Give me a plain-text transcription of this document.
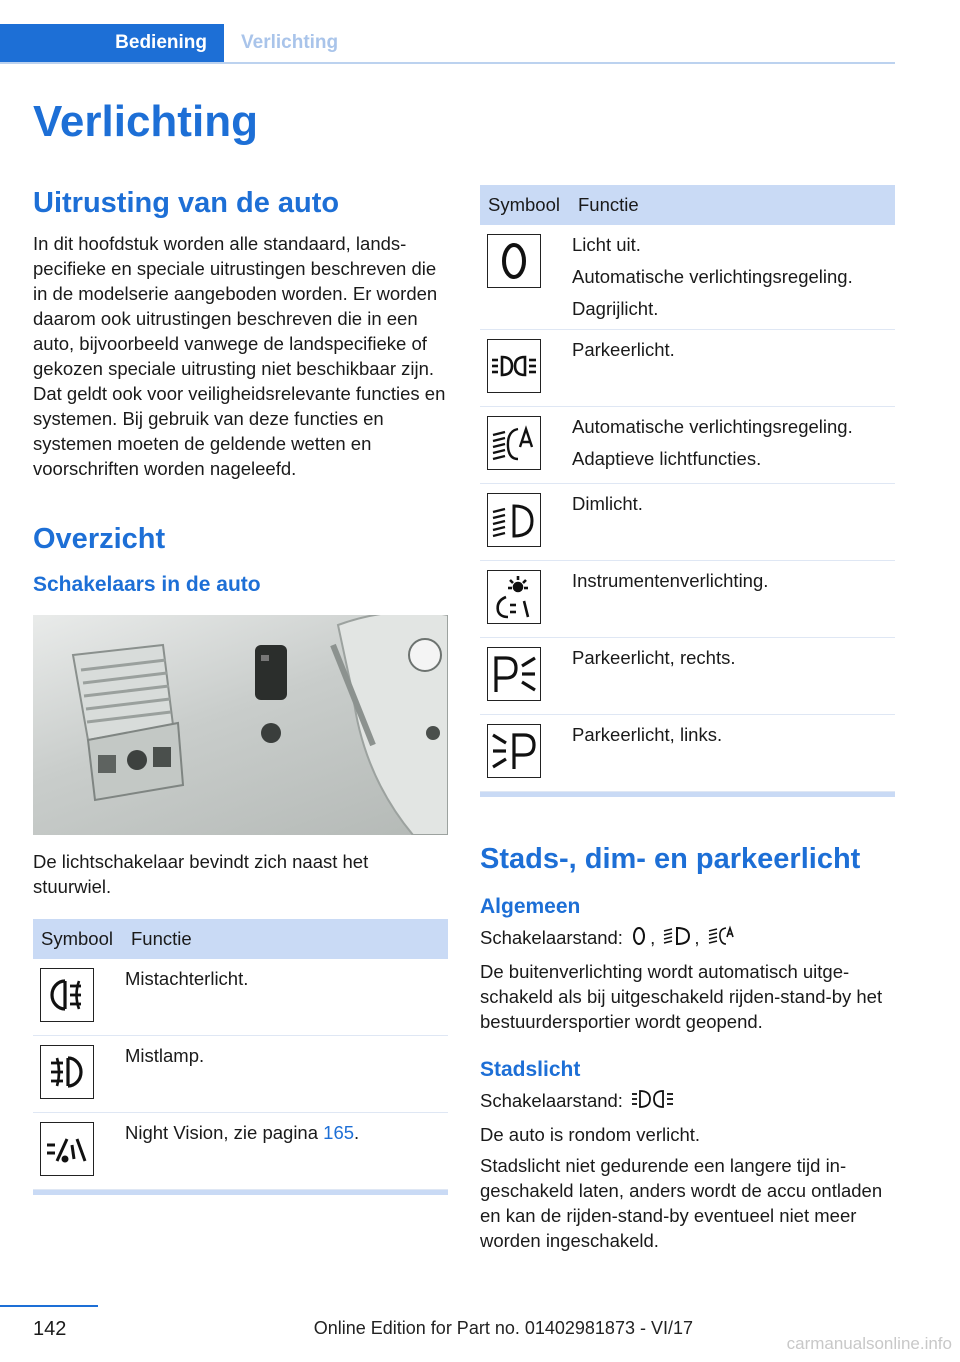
Bediening	Verlichting
Verlichting
Uitrusting van de auto

In dit hoofdstuk worden alle standaard, landspecifieke en speciale uitrustingen beschreven die in de modelserie aangeboden worden. Er worden daarom ook uitrustingen beschreven die in een auto, bijvoorbeeld vanwege de landspecifieke of gekozen speciale uitrusting niet beschikbaar zijn. Dat geldt ook voor veiligheidsrelevante functies en systemen. Bij gebruik van deze functies en systemen moeten de geldende wetten en voorschriften worden nageleefd.

Overzicht
Schakelaars in de auto

De lichtschakelaar bevindt zich naast het stuurwiel.

Symbool	Functie

	Mistachterlicht.

	Mistlamp.

	Night Vision, zie pagina 165.
Symbool	Functie

Licht uit.
Automatische verlichtingsregeling.
Dagrijlicht.

Parkeerlicht.

Automatische verlichtingsregeling.
Adaptieve lichtfuncties.

Dimlicht.

Instrumentenverlichting.

Parkeerlicht, rechts.

Parkeerlicht, links.
Stads-, dim- en parkeerlicht
Algemeen

Schakelaarstand: , ,

De buitenverlichting wordt automatisch uitgeschakeld als bij uitgeschakeld rijden-stand-by het bestuurdersportier wordt geopend.

Stadslicht

Schakelaarstand:

De auto is rondom verlicht.

Stadslicht niet gedurende een langere tijd ingeschakeld laten, anders wordt de accu ontladen en kan de rijden-stand-by eventueel niet meer worden ingeschakeld.

142	Online Edition for Part no. 01402981873 - VI/17
carmanualsonline.info
